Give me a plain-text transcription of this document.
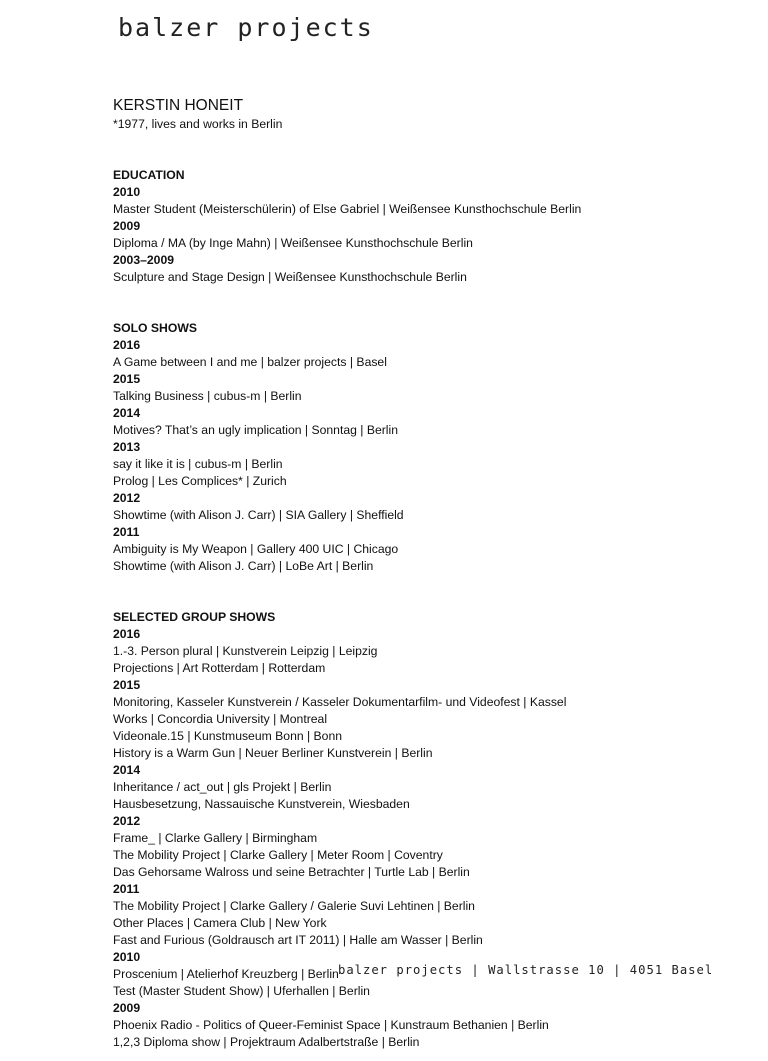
balzer projects
KERSTIN HONEIT
*1977, lives and works in Berlin
EDUCATION
2010
Master Student (Meisterschülerin) of Else Gabriel | Weißensee Kunsthochschule Berlin
2009
Diploma / MA (by Inge Mahn) | Weißensee Kunsthochschule Berlin
2003–2009
Sculpture and Stage Design | Weißensee Kunsthochschule Berlin
SOLO SHOWS
2016
A Game between I and me | balzer projects | Basel
2015
Talking Business | cubus-m | Berlin
2014
Motives? That’s an ugly implication | Sonntag | Berlin
2013
say it like it is | cubus-m | Berlin
Prolog | Les Complices* | Zurich
2012
Showtime (with Alison J. Carr) | SIA Gallery | Sheffield
2011
Ambiguity is My Weapon | Gallery 400 UIC | Chicago
Showtime (with Alison J. Carr) | LoBe Art | Berlin
SELECTED GROUP SHOWS
2016
1.-3. Person plural | Kunstverein Leipzig | Leipzig
Projections | Art Rotterdam | Rotterdam
2015
Monitoring, Kasseler Kunstverein / Kasseler Dokumentarfilm- und Videofest | Kassel
Works | Concordia University | Montreal
Videonale.15 | Kunstmuseum Bonn | Bonn
History is a Warm Gun | Neuer Berliner Kunstverein | Berlin
2014
Inheritance / act_out | gls Projekt | Berlin
Hausbesetzung, Nassauische Kunstverein, Wiesbaden
2012
Frame_ | Clarke Gallery | Birmingham
The Mobility Project | Clarke Gallery | Meter Room | Coventry
Das Gehorsame Walross und seine Betrachter | Turtle Lab | Berlin
2011
The Mobility Project | Clarke Gallery / Galerie Suvi Lehtinen | Berlin
Other Places | Camera Club | New York
Fast and Furious (Goldrausch art IT 2011) | Halle am Wasser | Berlin
2010
Proscenium | Atelierhof Kreuzberg | Berlin
Test (Master Student Show) | Uferhallen | Berlin
2009
Phoenix Radio - Politics of Queer-Feminist Space | Kunstraum Bethanien | Berlin
1,2,3 Diploma show | Projektraum Adalbertstraße | Berlin
balzer projects | Wallstrasse 10 | 4051 Basel
